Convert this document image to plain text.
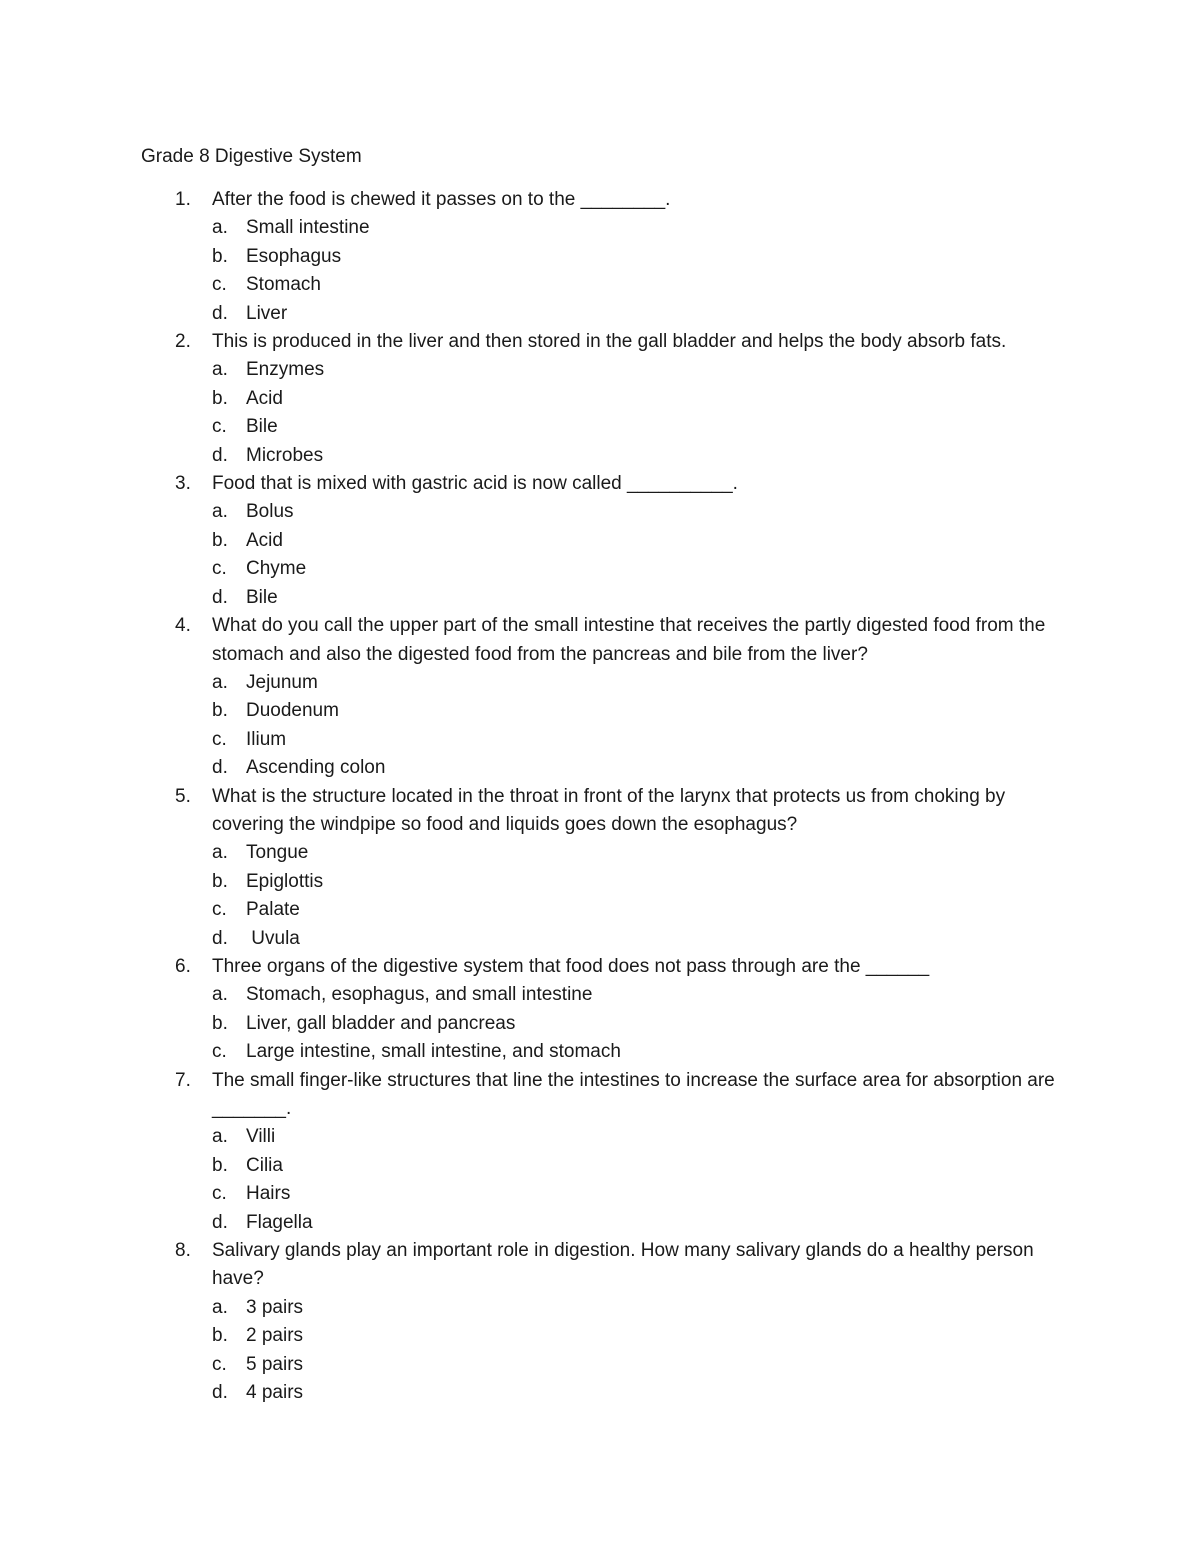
Grade 8 Digestive System
1.	After the food is chewed it passes on to the ________.
a. Small intestine
b. Esophagus
c.	Stomach
d. Liver
2.	This is produced in the liver and then stored in the gall bladder and helps the body absorb fats.
a. Enzymes
b. Acid
c.	Bile
d. Microbes
3.	Food that is mixed with gastric acid is now called __________.
a. Bolus
b. Acid
c.	Chyme
d. Bile
4.	What do you call the upper part of the small intestine that receives the partly digested food from the stomach and also the digested food from the pancreas and bile from the liver?
a. Jejunum
b. Duodenum
c.	Ilium
d. Ascending colon
5.	What is the structure located in the throat in front of the larynx that protects us from choking by covering the windpipe so food and liquids goes down the esophagus?
a. Tongue
b. Epiglottis
c.	Palate
d. Uvula
6.	Three organs of the digestive system that food does not pass through are the ______
a. Stomach, esophagus, and small intestine
b. Liver, gall bladder and pancreas
c.	Large intestine, small intestine, and stomach
7.	The small finger-like structures that line the intestines to increase the surface area for absorption are _______.
a. Villi
b. Cilia
c.	Hairs
d. Flagella
8.	Salivary glands play an important role in digestion. How many salivary glands do a healthy person have?
a. 3 pairs
b. 2 pairs
c.	5 pairs
d. 4 pairs
